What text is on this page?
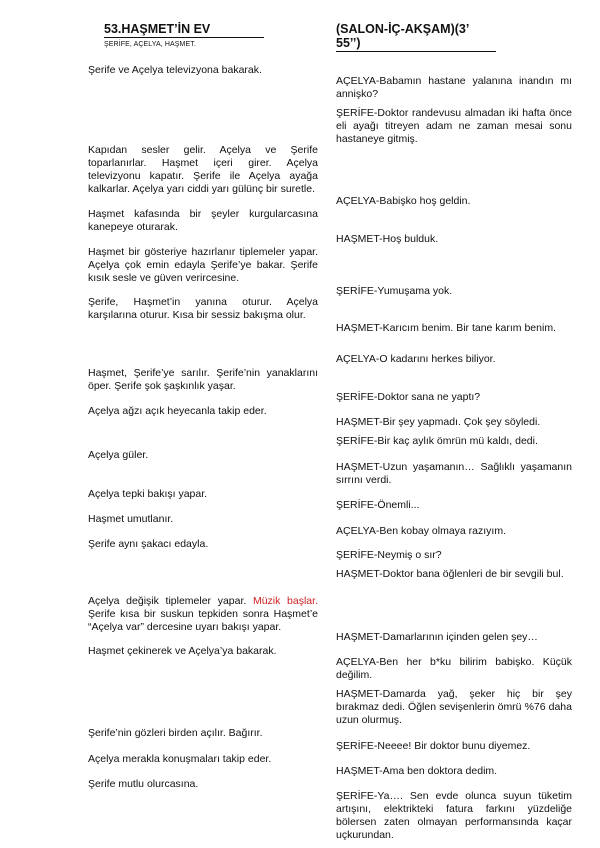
53.HAŞMET’İN EV	(SALON-İÇ-AKŞAM)(3’ 55’’)
ŞERİFE, AÇELYA, HAŞMET.

Şerife ve Açelya televizyona bakarak.

Kapıdan sesler gelir. Açelya ve Şerife toparlanırlar. Haşmet içeri girer. Açelya televizyonu kapatır. Şerife ile Açelya ayağa kalkarlar. Açelya yarı ciddi yarı gülünç bir suretle.

Haşmet kafasında bir şeyler kurgularcasına kanepeye oturarak.

Haşmet bir gösteriye hazırlanır tiplemeler yapar. Açelya çok emin edayla Şerife’ye bakar. Şerife kısık sesle ve güven verircesine.

Şerife, Haşmet’in yanına oturur. Açelya karşılarına oturur. Kısa bir sessiz bakışma olur.

Haşmet, Şerife’ye sarılır. Şerife’nin yanaklarını öper. Şerife şok şaşkınlık yaşar.

Açelya ağzı açık heyecanla takip eder.

Açelya güler.

Açelya tepki bakışı yapar.

Haşmet umutlanır.

Şerife aynı şakacı edayla.

Açelya değişik tiplemeler yapar. Müzik başlar. Şerife kısa bir suskun tepkiden sonra Haşmet’e “Açelya var” dercesine uyarı bakışı yapar.

Haşmet çekinerek ve Açelya’ya bakarak.

Şerife’nin gözleri birden açılır. Bağırır.

Açelya merakla konuşmaları takip eder.

Şerife mutlu olurcasına.

AÇELYA-Babamın hastane yalanına inandın mı annişko?

ŞERİFE-Doktor randevusu almadan iki hafta önce eli ayağı titreyen adam ne zaman mesai sonu hastaneye gitmiş.

AÇELYA-Babişko hoş geldin.

HAŞMET-Hoş bulduk.

ŞERİFE-Yumuşama yok.

HAŞMET-Karıcım benim. Bir tane karım benim.

AÇELYA-O kadarını herkes biliyor.

ŞERİFE-Doktor sana ne yaptı?

HAŞMET-Bir şey yapmadı. Çok şey söyledi.

ŞERİFE-Bir kaç aylık ömrün mü kaldı, dedi.

HAŞMET-Uzun yaşamanın… Sağlıklı yaşamanın sırrını verdi.

ŞERİFE-Önemli...

AÇELYA-Ben kobay olmaya razıyım.

ŞERİFE-Neymiş o sır?

HAŞMET-Doktor bana öğlenleri de bir sevgili bul.

HAŞMET-Damarlarının içinden gelen şey…

AÇELYA-Ben her b*ku bilirim babişko. Küçük değilim.

HAŞMET-Damarda yağ, şeker hiç bir şey bırakmaz dedi. Öğlen sevişenlerin ömrü %76 daha uzun olurmuş.

ŞERİFE-Neeee! Bir doktor bunu diyemez.

HAŞMET-Ama ben doktora dedim.

ŞERİFE-Ya…. Sen evde olunca suyun tüketim artışını, elektrikteki fatura farkını yüzdeliğe bölersen zaten olmayan performansında kaçar uçkurundan.
